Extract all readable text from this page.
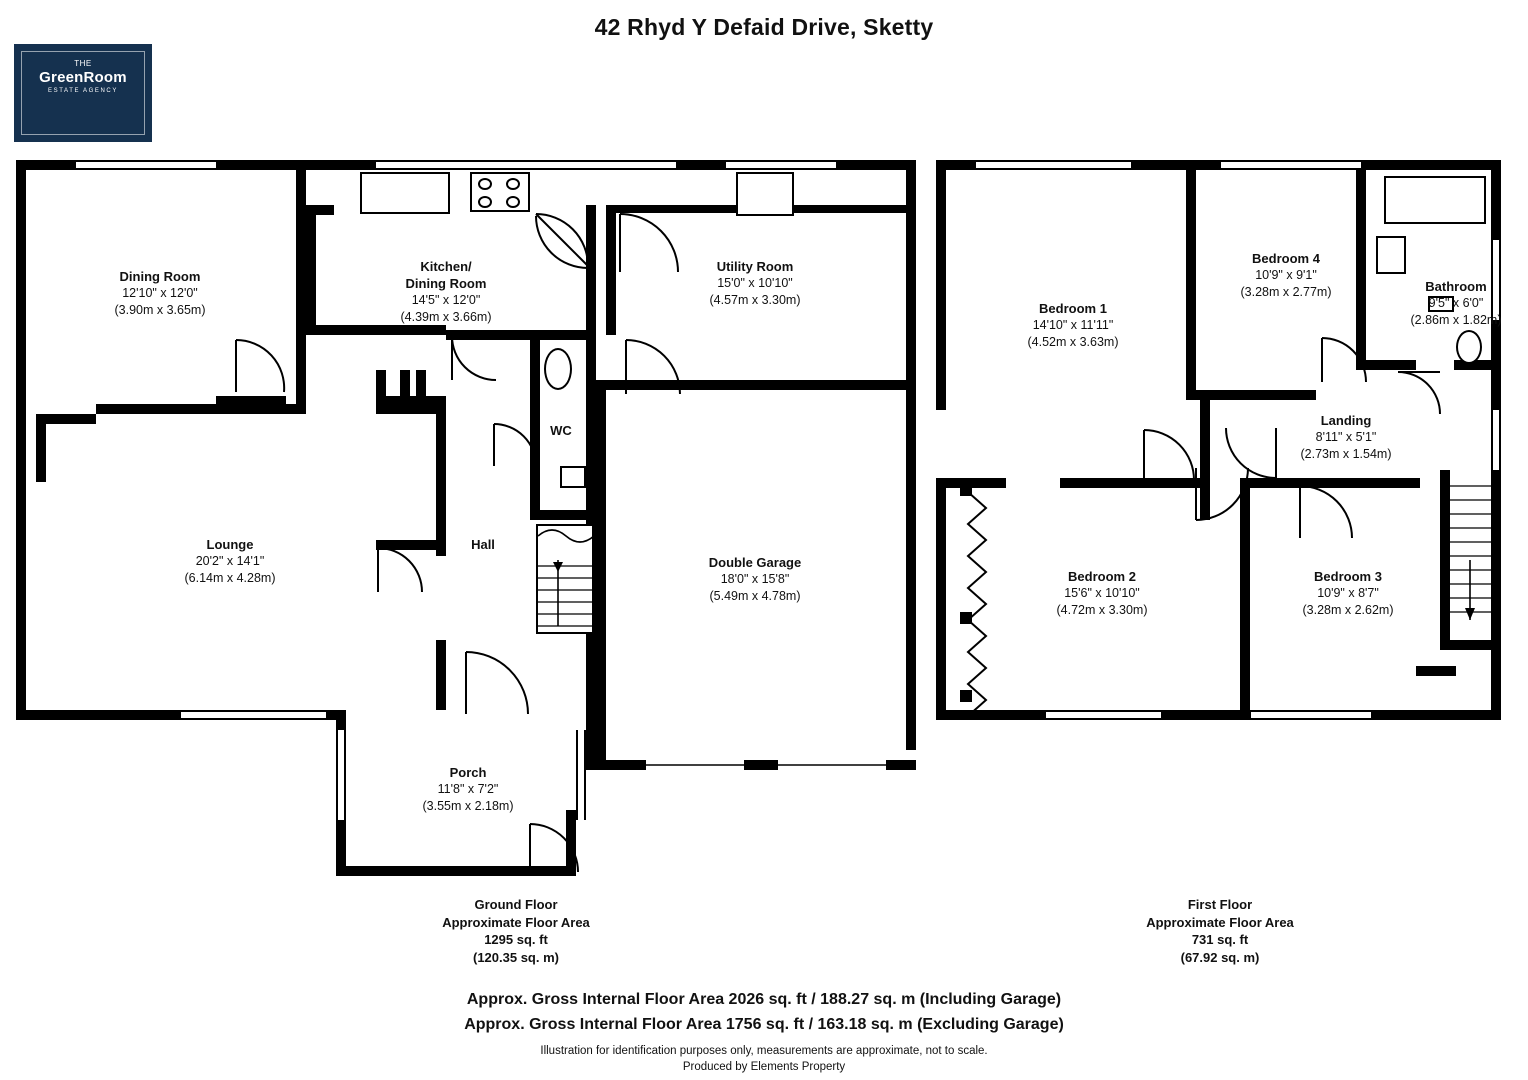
42 Rhyd Y Defaid Drive, Sketty
THE
GreenRoom
ESTATE AGENCY
Dining Room
12'10" x 12'0"
(3.90m x 3.65m)
Kitchen/
Dining Room
14'5" x 12'0"
(4.39m x 3.66m)
Utility Room
15'0" x 10'10"
(4.57m x 3.30m)
WC
Lounge
20'2" x 14'1"
(6.14m x 4.28m)
Hall
Double Garage
18'0" x 15'8"
(5.49m x 4.78m)
Porch
11'8" x 7'2"
(3.55m x 2.18m)
Bedroom 1
14'10" x 11'11"
(4.52m x 3.63m)
Bedroom 4
10'9" x 9'1"
(3.28m x 2.77m)	Bathroom
9'5" x 6'0"
(2.86m x 1.82m)
Landing
8'11" x 5'1"
(2.73m x 1.54m)
Bedroom 2
15'6" x 10'10"
(4.72m x 3.30m)
Bedroom 3
10'9" x 8'7"
(3.28m x 2.62m)
Ground Floor
Approximate Floor Area
1295 sq. ft
(120.35 sq. m)
First Floor
Approximate Floor Area
731 sq. ft
(67.92 sq. m)
Approx. Gross Internal Floor Area 2026 sq. ft / 188.27 sq. m (Including Garage)
Approx. Gross Internal Floor Area 1756 sq. ft / 163.18 sq. m (Excluding Garage)
Illustration for identification purposes only, measurements are approximate, not to scale.
Produced by Elements Property
